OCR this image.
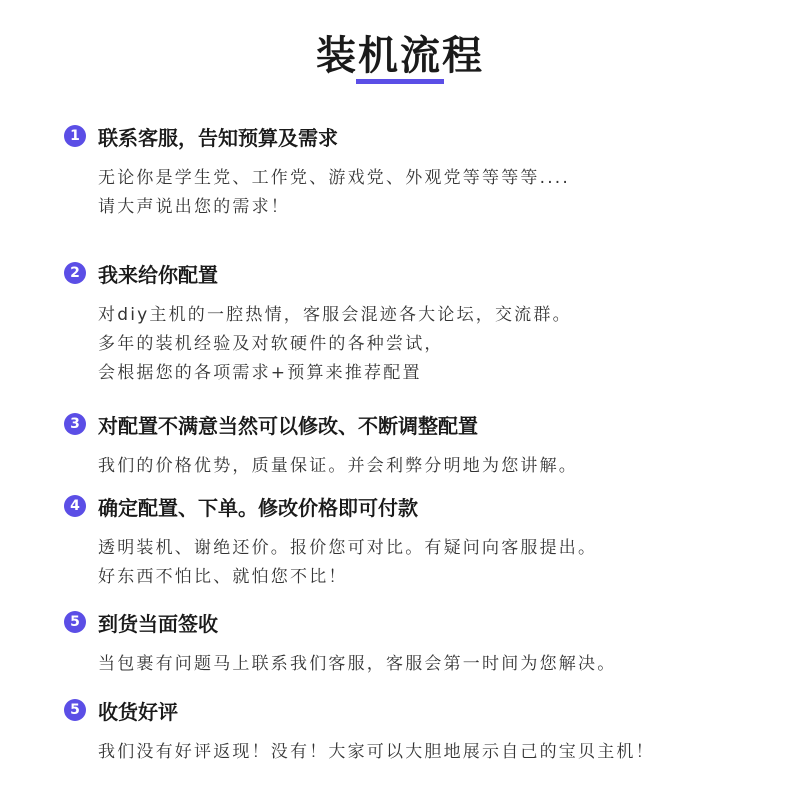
装机流程
1 联系客服，告知预算及需求
无论你是学生党、工作党、游戏党、外观党等等等等....
请大声说出您的需求！
2 我来给你配置
对diy主机的一腔热情，客服会混迹各大论坛，交流群。
多年的装机经验及对软硬件的各种尝试，
会根据您的各项需求+预算来推荐配置
3 对配置不满意当然可以修改、不断调整配置
我们的价格优势，质量保证。并会利弊分明地为您讲解。
4 确定配置、下单。修改价格即可付款
透明装机、谢绝还价。报价您可对比。有疑问向客服提出。
好东西不怕比、就怕您不比！
5 到货当面签收
当包裹有问题马上联系我们客服，客服会第一时间为您解决。
5 收货好评
我们没有好评返现！没有！大家可以大胆地展示自己的宝贝主机！
